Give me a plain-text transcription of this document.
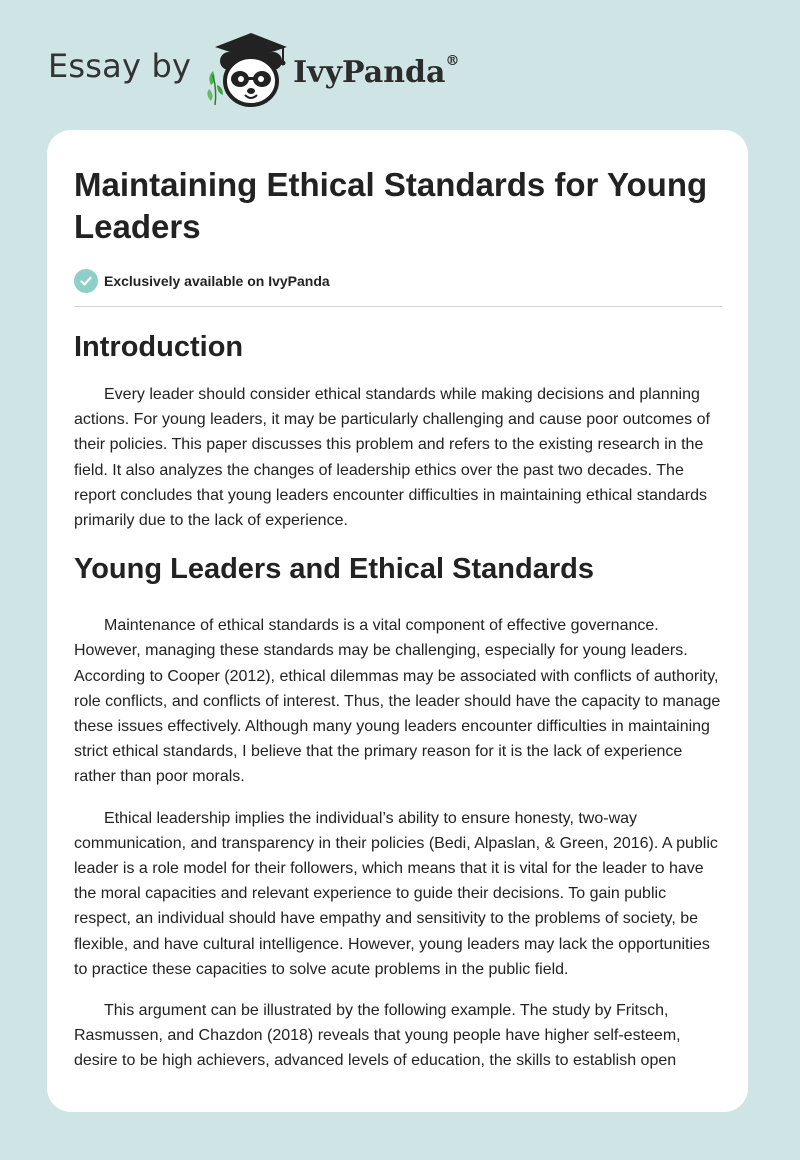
Essay by	IvyPanda®
Maintaining Ethical Standards for Young Leaders
Exclusively available on IvyPanda
Introduction

Every leader should consider ethical standards while making decisions and planning actions. For young leaders, it may be particularly challenging and cause poor outcomes of their policies. This paper discusses this problem and refers to the existing research in the field. It also analyzes the changes of leadership ethics over the past two decades. The report concludes that young leaders encounter difficulties in maintaining ethical standards primarily due to the lack of experience.

Young Leaders and Ethical Standards

Maintenance of ethical standards is a vital component of effective governance. However, managing these standards may be challenging, especially for young leaders. According to Cooper (2012), ethical dilemmas may be associated with conflicts of authority, role conflicts, and conflicts of interest. Thus, the leader should have the capacity to manage these issues effectively. Although many young leaders encounter difficulties in maintaining strict ethical standards, I believe that the primary reason for it is the lack of experience rather than poor morals.

Ethical leadership implies the individual’s ability to ensure honesty, two-way communication, and transparency in their policies (Bedi, Alpaslan, & Green, 2016). A public leader is a role model for their followers, which means that it is vital for the leader to have the moral capacities and relevant experience to guide their decisions. To gain public respect, an individual should have empathy and sensitivity to the problems of society, be flexible, and have cultural intelligence. However, young leaders may lack the opportunities to practice these capacities to solve acute problems in the public field.

This argument can be illustrated by the following example. The study by Fritsch, Rasmussen, and Chazdon (2018) reveals that young people have higher self-esteem, desire to be high achievers, advanced levels of education, the skills to establish open
